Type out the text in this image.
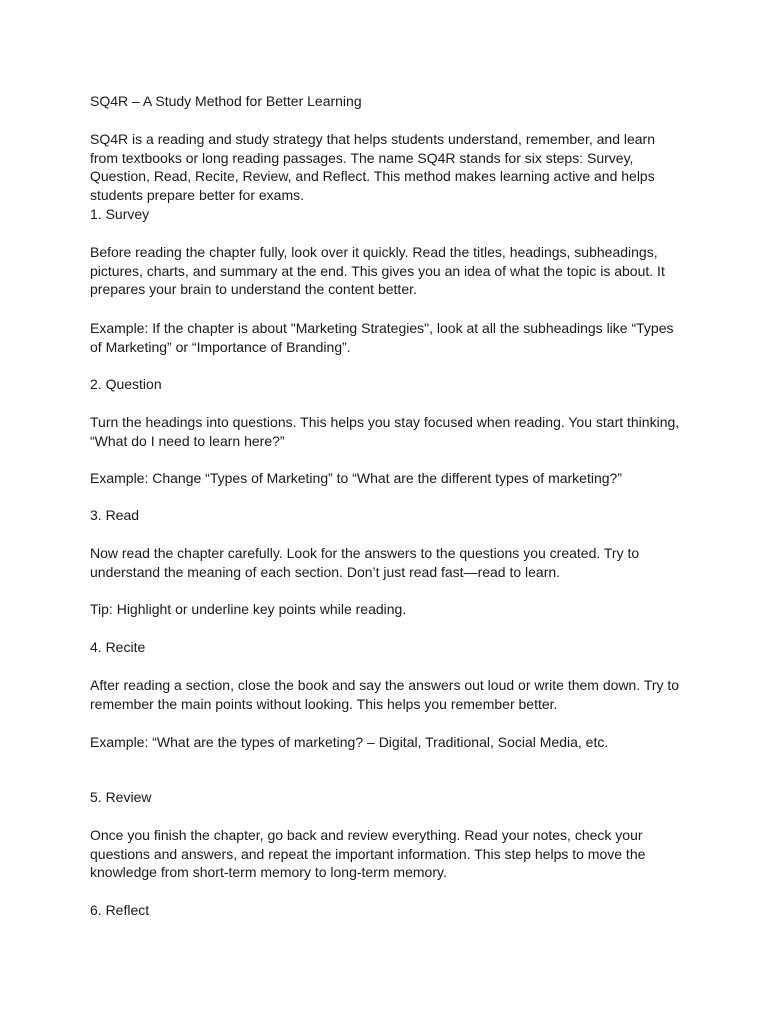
SQ4R – A Study Method for Better Learning

SQ4R is a reading and study strategy that helps students understand, remember, and learn
from textbooks or long reading passages. The name SQ4R stands for six steps: Survey,
Question, Read, Recite, Review, and Reflect. This method makes learning active and helps
students prepare better for exams.

1. Survey

Before reading the chapter fully, look over it quickly. Read the titles, headings, subheadings,
pictures, charts, and summary at the end. This gives you an idea of what the topic is about. It
prepares your brain to understand the content better.

Example: If the chapter is about "Marketing Strategies", look at all the subheadings like “Types
of Marketing” or “Importance of Branding”.

2. Question

Turn the headings into questions. This helps you stay focused when reading. You start thinking,
“What do I need to learn here?”

Example: Change “Types of Marketing” to “What are the different types of marketing?”

3. Read

Now read the chapter carefully. Look for the answers to the questions you created. Try to
understand the meaning of each section. Don’t just read fast—read to learn.

Tip: Highlight or underline key points while reading.

4. Recite

After reading a section, close the book and say the answers out loud or write them down. Try to
remember the main points without looking. This helps you remember better.

Example: “What are the types of marketing? – Digital, Traditional, Social Media, etc.

5. Review

Once you finish the chapter, go back and review everything. Read your notes, check your
questions and answers, and repeat the important information. This step helps to move the
knowledge from short-term memory to long-term memory.

6. Reflect
